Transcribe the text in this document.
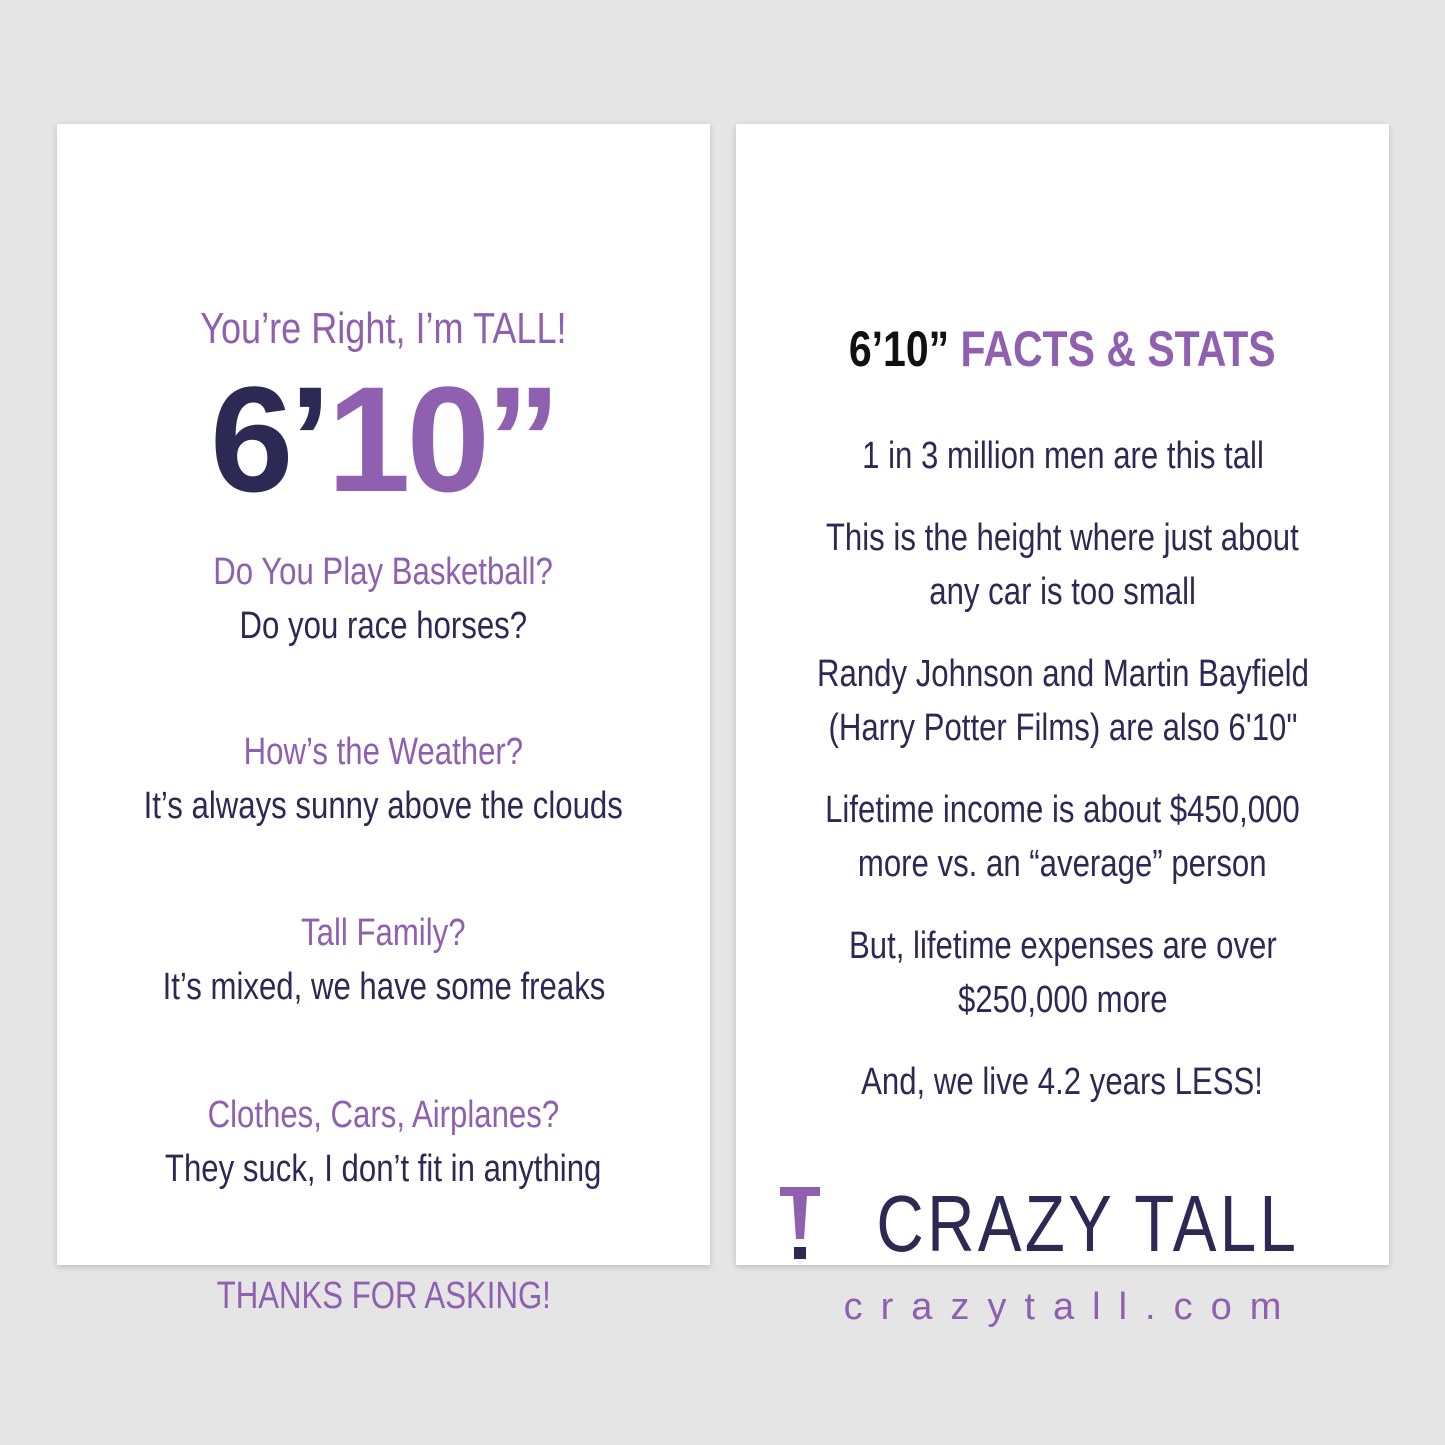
You’re Right, I’m TALL!
6’10”
Do You Play Basketball?
Do you race horses?
How’s the Weather?
It’s always sunny above the clouds
Tall Family?
It’s mixed, we have some freaks
Clothes, Cars, Airplanes?
They suck, I don’t fit in anything
THANKS FOR ASKING!
6’10” FACTS & STATS
1 in 3 million men are this tall
This is the height where just about
any car is too small
Randy Johnson and Martin Bayfield
(Harry Potter Films) are also 6'10"
Lifetime income is about $450,000
more vs. an “average” person
But, lifetime expenses are over
$250,000 more
And, we live 4.2 years LESS!
CRAZY TALL
crazytall.com
